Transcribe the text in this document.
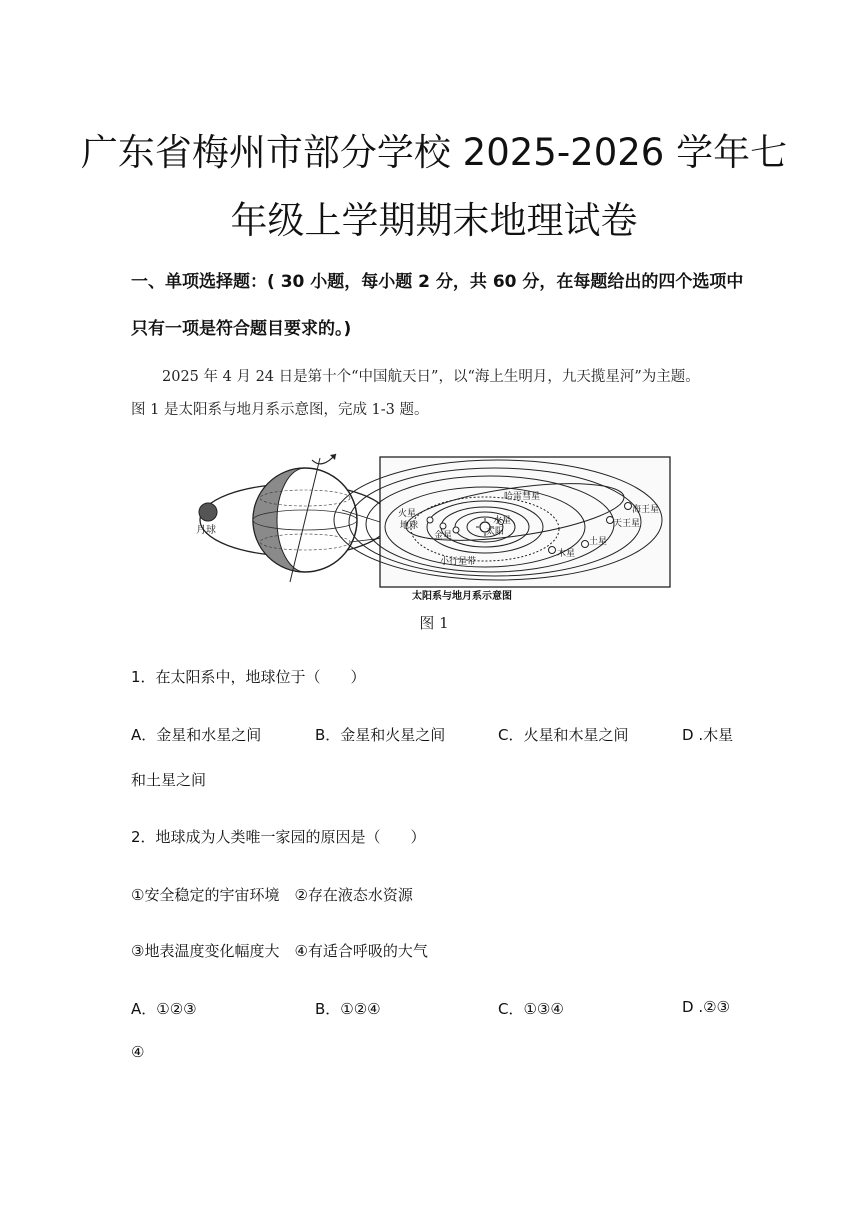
广东省梅州市部分学校 2025-2026 学年七
年级上学期期末地理试卷
一、单项选择题：( 30 小题，每小题 2 分，共 60 分，在每题给出的四个选项中
只有一项是符合题目要求的。)
2025 年 4 月 24 日是第十个“中国航天日”，以“海上生明月，九天揽星河”为主题。
图 1 是太阳系与地月系示意图，完成 1-3 题。
月球
火星
地球
金星
水星
太阳
哈雷彗星
小行星带
木星
土星
天王星
海王星
太阳系与地月系示意图
图 1
1．在太阳系中，地球位于（　　）
A．金星和水星之间	B．金星和火星之间	C．火星和木星之间	D .木星
和土星之间
2．地球成为人类唯一家园的原因是（　　）
①安全稳定的宇宙环境　②存在液态水资源
③地表温度变化幅度大　④有适合呼吸的大气
A．①②③	B．①②④	C．①③④	D .②③
④
